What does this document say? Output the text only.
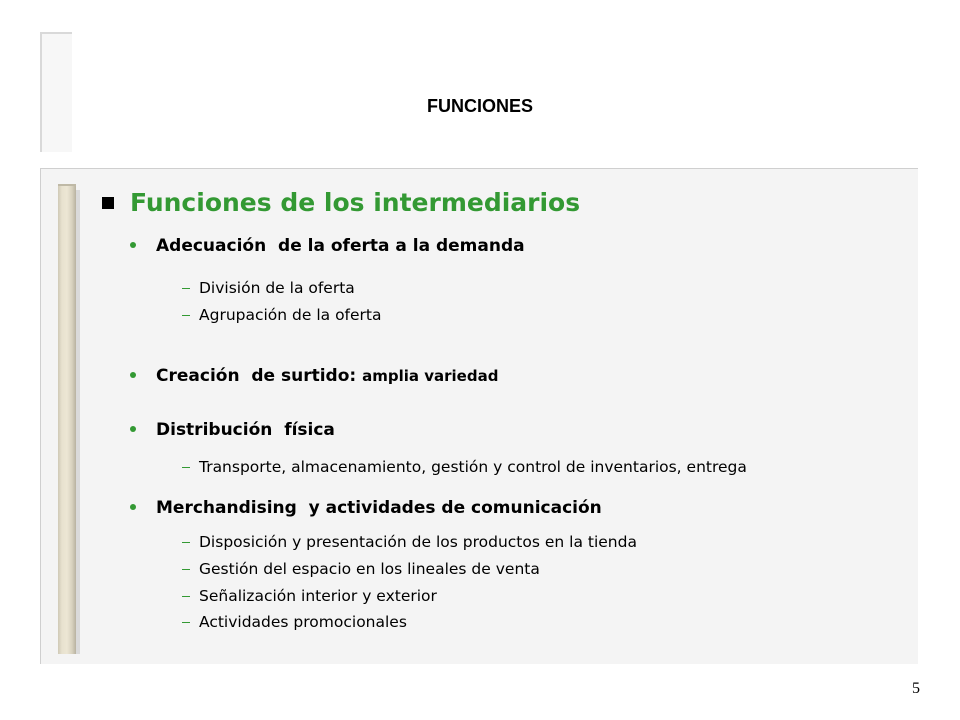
FUNCIONES
Funciones de los intermediarios
Adecuación  de la oferta a la demanda
División de la oferta
Agrupación de la oferta
Creación  de surtido: amplia variedad
Distribución  física
Transporte, almacenamiento, gestión y control de inventarios, entrega
Merchandising  y actividades de comunicación
Disposición y presentación de los productos en la tienda
Gestión del espacio en los lineales de venta
Señalización interior y exterior
Actividades promocionales
5
